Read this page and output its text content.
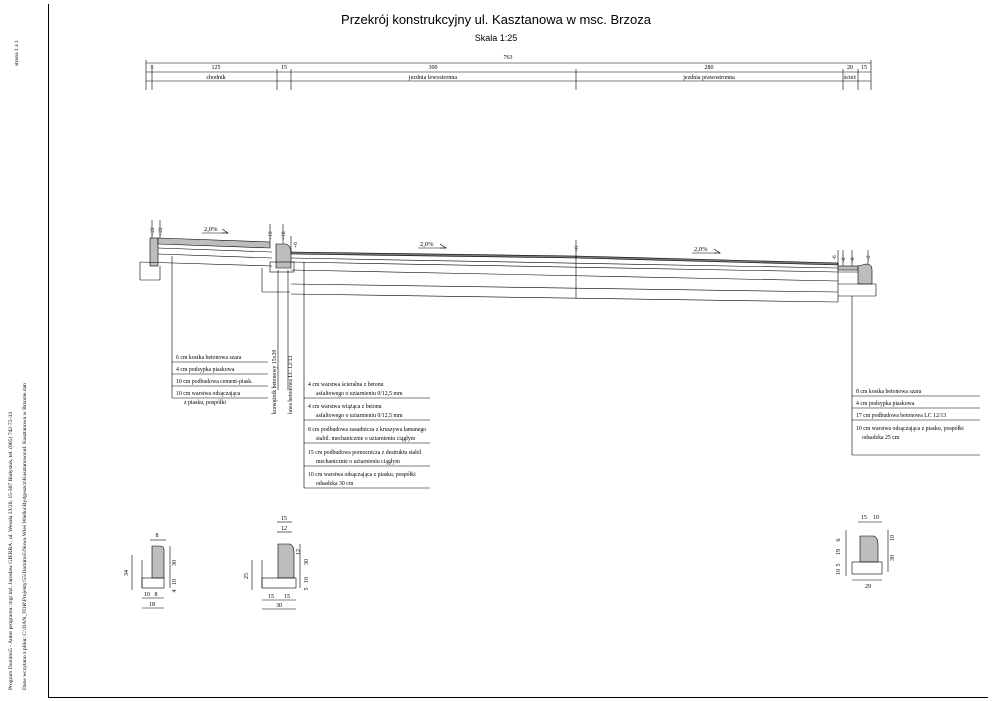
strona 1 z 1
Program Domino5 - Autor programu: mgr inż. Jarosław GIERBA , ul. Wesoła 23/20, 15-307 Białystok, tel. (085) 742-72-33 Dane wczytano z pliku: C:\DAN_TOR\Projekty\55\Domino5\Nowa Wieś Wielka\Bydgoszcz\Kasztanowa\ul. Kasztanowa w Brzozie.dan
Przekrój konstrukcyjny ul. Kasztanowa w msc. Brzoza
Skala 1:25
763
8	125	15	300	280	20 15
chodnik	jezdnia lewostronna	jezdnia prawostronna	ścież
+22 +22	+19 +18
+6
+0
-6 -8 -8 -2
2,0%
2,0%
2,0%
6 cm kostka betonowa szara
4 cm podsypka piaskowa
10 cm podbudowa cement-piask.
10 cm warstwa odsączająca
z piasku, pospółki	krawężnik betonowy 15x30 ława betonowa LC 12/13 4 cm warstwa ścieralna z betonu
asfaltowego o uziarnieniu 0/12,5 mm
4 cm warstwa wiążąca z betonu
asfaltowego o uziarnieniu 0/12,5 mm
8 cm podbudowa zasadnicza z kruszywa łamanego
stabil. mechanicznie o uziarnieniu ciągłym
15 cm podbudowa pomocnicza z destruktu stabil
mechanicznie o uziarnieniu ciągłym
10 cm warstwa odsączająca z piasku, pospółki
odsadzka 30 cm
8 cm kostka betonowa szara
4 cm podsypka piaskowa
17 cm podbudowa betonowa LC 12/13
10 cm warstwa odsączająca z piasku, pospółki
odsadzka 25 cm
8
34
30
10
4
10 8
18
15
12
25
12
30
10
5
15 15
30
15 10
6
19
5
10
10
30
29
